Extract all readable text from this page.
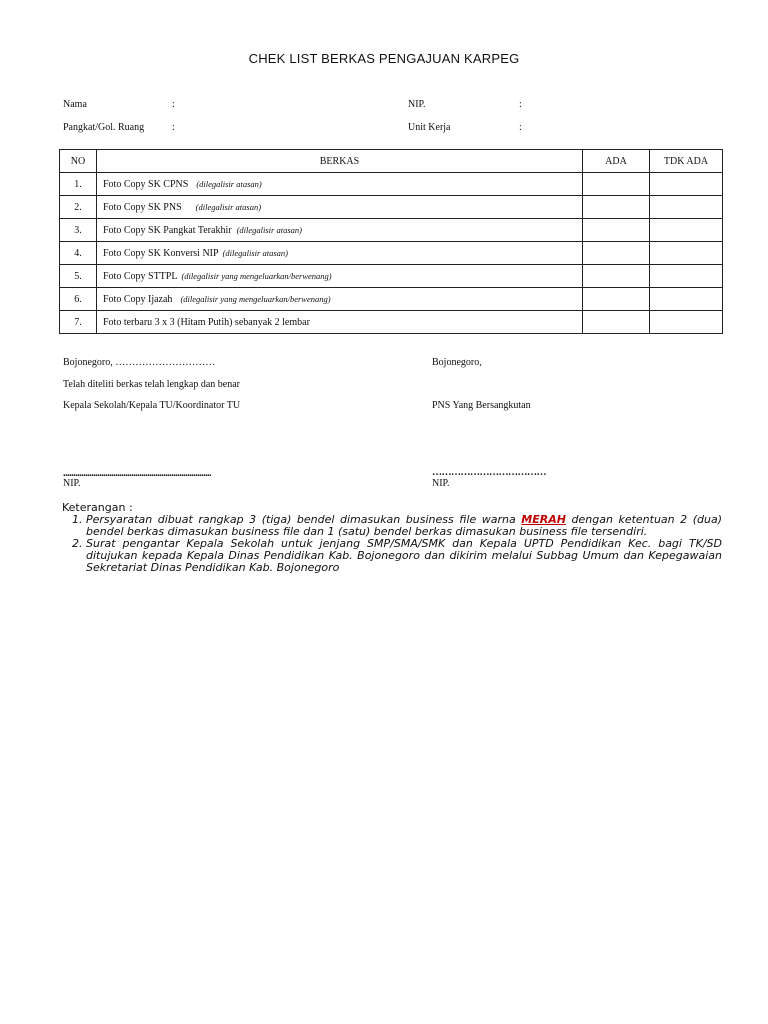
CHEK LIST BERKAS PENGAJUAN KARPEG
Nama	:
Pangkat/Gol. Ruang	:
NIP.	:
Unit Kerja	:
NO	BERKAS	ADA	TDK ADA
1.	Foto Copy SK CPNS (dilegalisir atasan)		
2.	Foto Copy SK PNS (dilegalisir atasan)		
3.	Foto Copy SK Pangkat Terakhir (dilegalisir atasan)		
4.	Foto Copy SK Konversi NIP (dilegalisir atasan)		
5.	Foto Copy STTPL (dilegalisir yang mengeluarkan/berwenang)		
6.	Foto Copy Ijazah (dilegalisir yang mengeluarkan/berwenang)		
7.	Foto terbaru 3 x 3 (Hitam Putih) sebanyak 2 lembar		
Bojonegoro, …………………………
Telah diteliti berkas telah lengkap dan benar
Kepala Sekolah/Kepala TU/Koordinator TU
..........................................................................
NIP.
Bojonegoro,
PNS Yang Bersangkutan
………………………………
NIP.
Keterangan :
1. Persyaratan dibuat rangkap 3 (tiga) bendel dimasukan business file warna MERAH dengan ketentuan 2 (dua) bendel berkas dimasukan business file dan 1 (satu) bendel berkas dimasukan business file tersendiri.
2. Surat pengantar Kepala Sekolah untuk jenjang SMP/SMA/SMK dan Kepala UPTD Pendidikan Kec. bagi TK/SD ditujukan kepada Kepala Dinas Pendidikan Kab. Bojonegoro dan dikirim melalui Subbag Umum dan Kepegawaian Sekretariat Dinas Pendidikan Kab. Bojonegoro
